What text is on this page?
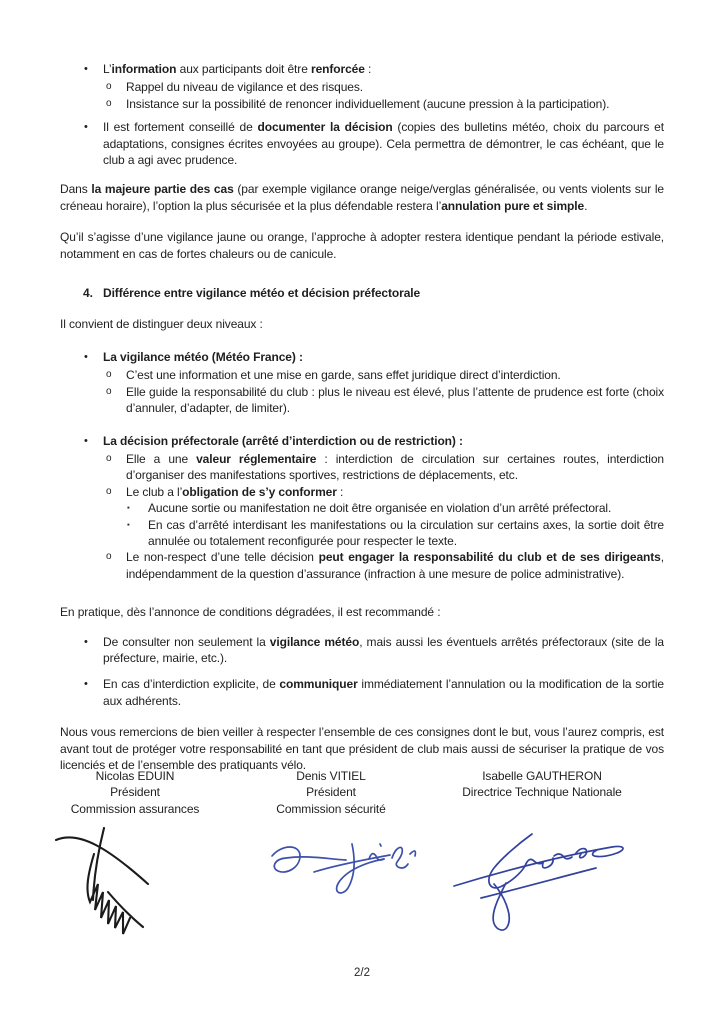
• L’information aux participants doit être renforcée :
o Rappel du niveau de vigilance et des risques.
o Insistance sur la possibilité de renoncer individuellement (aucune pression à la participation).
• Il est fortement conseillé de documenter la décision (copies des bulletins météo, choix du parcours et adaptations, consignes écrites envoyées au groupe). Cela permettra de démontrer, le cas échéant, que le club a agi avec prudence.
Dans la majeure partie des cas (par exemple vigilance orange neige/verglas généralisée, ou vents violents sur le créneau horaire), l’option la plus sécurisée et la plus défendable restera l’annulation pure et simple.
Qu’il s’agisse d’une vigilance jaune ou orange, l’approche à adopter restera identique pendant la période estivale, notamment en cas de fortes chaleurs ou de canicule.
4. Différence entre vigilance météo et décision préfectorale
Il convient de distinguer deux niveaux :
• La vigilance météo (Météo France) :
o C’est une information et une mise en garde, sans effet juridique direct d’interdiction.
o Elle guide la responsabilité du club : plus le niveau est élevé, plus l’attente de prudence est forte (choix d’annuler, d’adapter, de limiter).
• La décision préfectorale (arrêté d’interdiction ou de restriction) :
o Elle a une valeur réglementaire : interdiction de circulation sur certaines routes, interdiction d’organiser des manifestations sportives, restrictions de déplacements, etc.
o Le club a l’obligation de s’y conformer :
▪ Aucune sortie ou manifestation ne doit être organisée en violation d’un arrêté préfectoral.
▪ En cas d’arrêté interdisant les manifestations ou la circulation sur certains axes, la sortie doit être annulée ou totalement reconfigurée pour respecter le texte.
o Le non-respect d’une telle décision peut engager la responsabilité du club et de ses dirigeants, indépendamment de la question d’assurance (infraction à une mesure de police administrative).
En pratique, dès l’annonce de conditions dégradées, il est recommandé :
• De consulter non seulement la vigilance météo, mais aussi les éventuels arrêtés préfectoraux (site de la préfecture, mairie, etc.).
• En cas d’interdiction explicite, de communiquer immédiatement l’annulation ou la modification de la sortie aux adhérents.
Nous vous remercions de bien veiller à respecter l’ensemble de ces consignes dont le but, vous l’aurez compris, est avant tout de protéger votre responsabilité en tant que président de club mais aussi de sécuriser la pratique de vos licenciés et de l’ensemble des pratiquants vélo.
Nicolas EDUIN
Président
Commission assurances
Denis VITIEL
Président
Commission sécurité
Isabelle GAUTHERON
Directrice Technique Nationale
2/2
